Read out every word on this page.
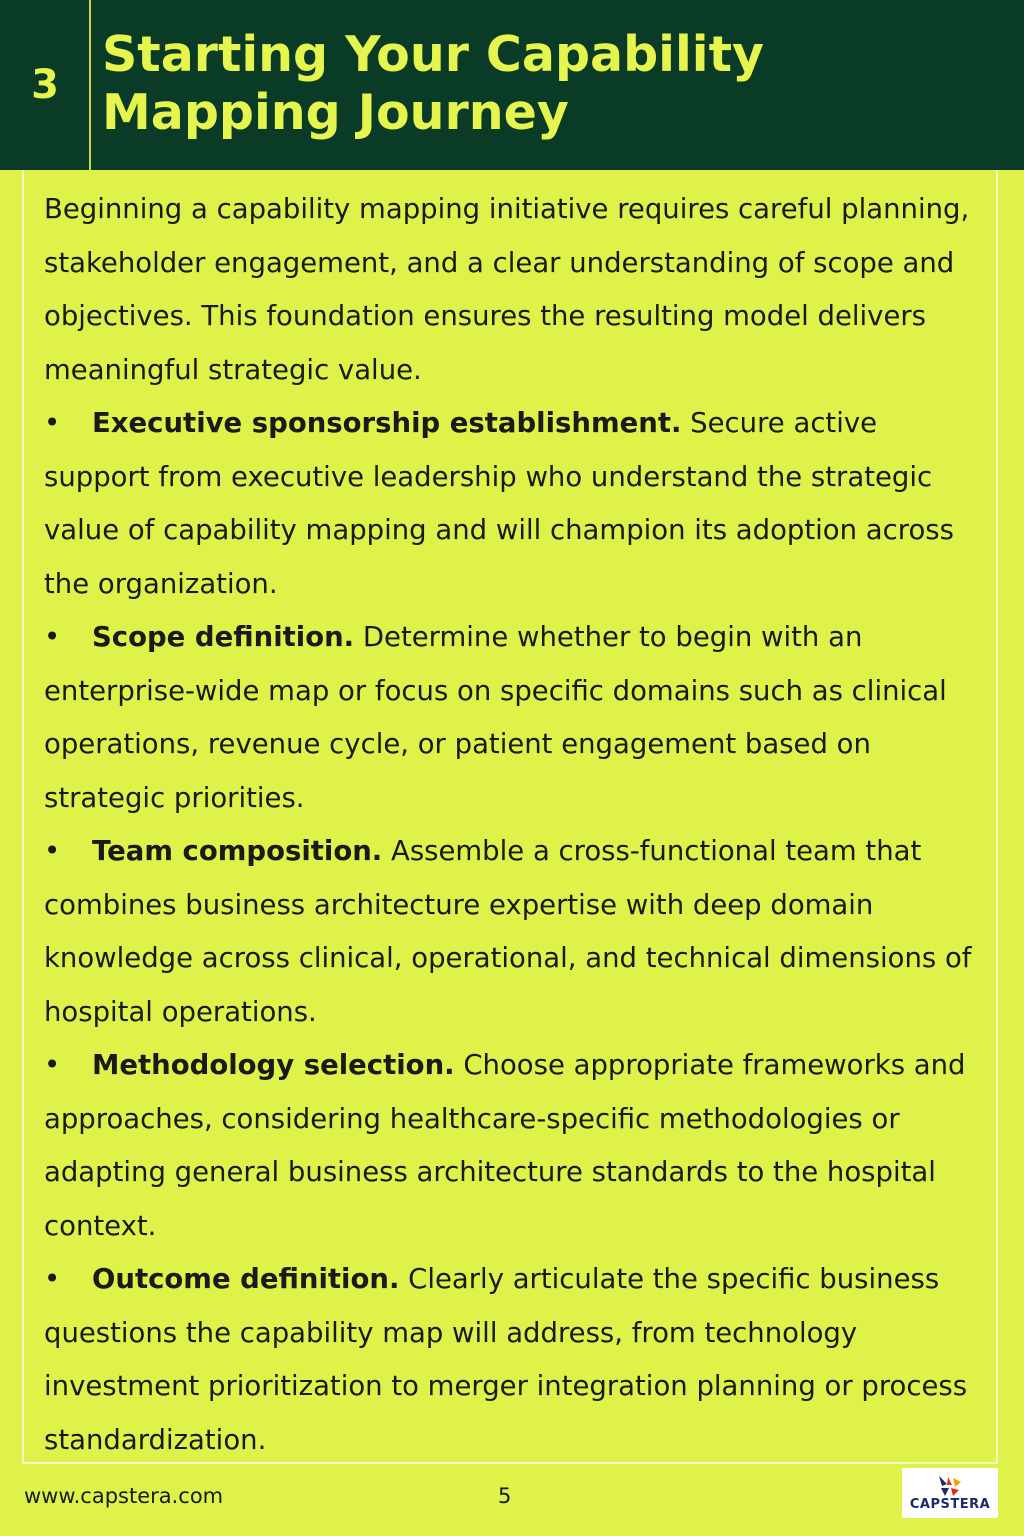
3
Starting Your Capability Mapping Journey

Beginning a capability mapping initiative requires careful planning, stakeholder engagement, and a clear understanding of scope and objectives. This foundation ensures the resulting model delivers meaningful strategic value.

• Executive sponsorship establishment. Secure active support from executive leadership who understand the strategic value of capability mapping and will champion its adoption across the organization.

• Scope definition. Determine whether to begin with an enterprise-wide map or focus on specific domains such as clinical operations, revenue cycle, or patient engagement based on strategic priorities.

• Team composition. Assemble a cross-functional team that combines business architecture expertise with deep domain knowledge across clinical, operational, and technical dimensions of hospital operations.

• Methodology selection. Choose appropriate frameworks and approaches, considering healthcare-specific methodologies or adapting general business architecture standards to the hospital context.

• Outcome definition. Clearly articulate the specific business questions the capability map will address, from technology investment prioritization to merger integration planning or process standardization.

www.capstera.com	5	CAPSTERA
